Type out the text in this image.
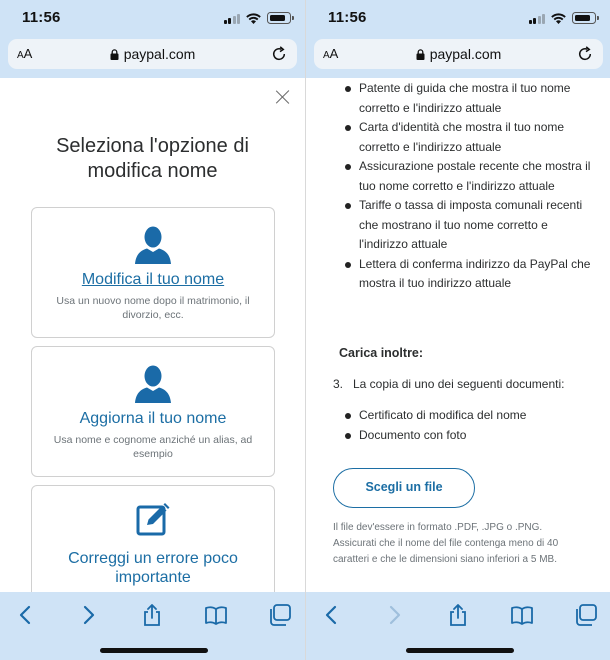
11:56
AA	paypal.com
Seleziona l'opzione di
modifica nome
Modifica il tuo nome
Usa un nuovo nome dopo il matrimonio, il divorzio, ecc.
Aggiorna il tuo nome
Usa nome e cognome anziché un alias, ad esempio
Correggi un errore poco
importante
11:56
AA	paypal.com
Patente di guida che mostra il tuo nome corretto e l'indirizzo attuale
Carta d'identità che mostra il tuo nome corretto e l'indirizzo attuale
Assicurazione postale recente che mostra il tuo nome corretto e l'indirizzo attuale
Tariffe o tassa di imposta comunali recenti che mostrano il tuo nome corretto e l'indirizzo attuale
Lettera di conferma indirizzo da PayPal che mostra il tuo indirizzo attuale
Carica inoltre:
3. La copia di uno dei seguenti documenti:
Certificato di modifica del nome
Documento con foto
Scegli un file
Il file dev'essere in formato .PDF, .JPG o .PNG. Assicurati che il nome del file contenga meno di 40 caratteri e che le dimensioni siano inferiori a 5 MB.
